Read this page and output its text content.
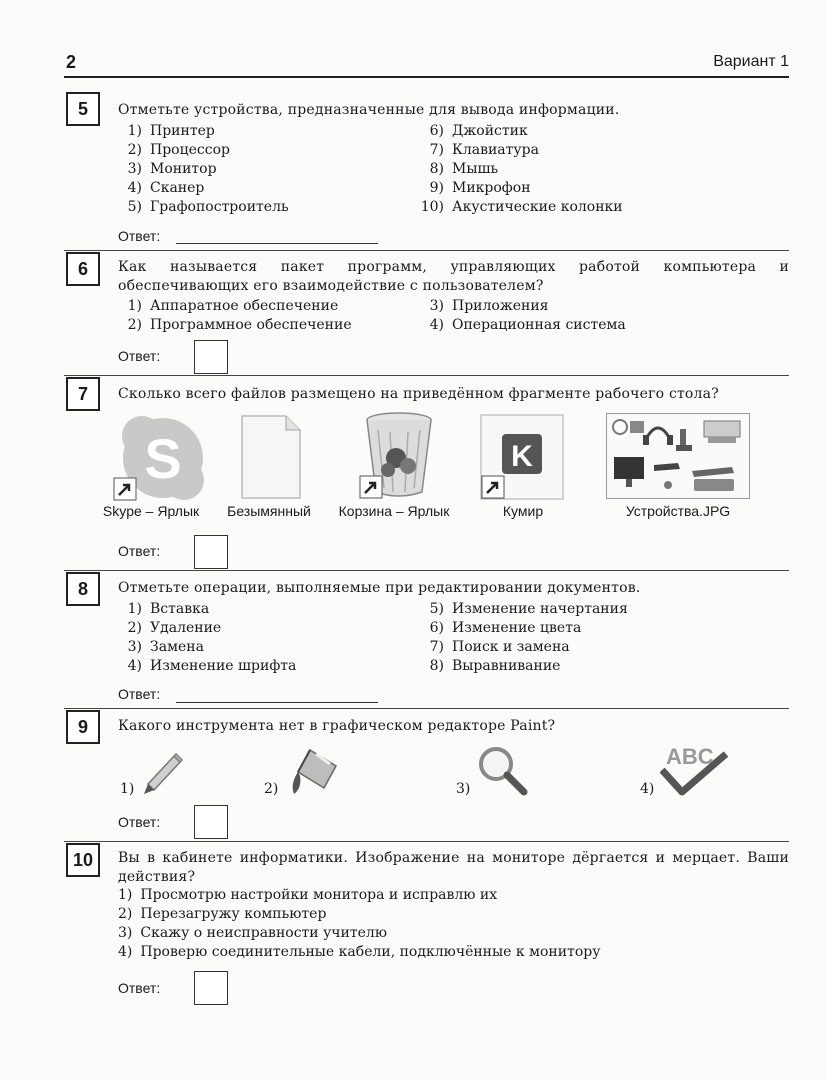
2	Вариант 1
5	Отметьте устройства, предназначенные для вывода информации.
1) Принтер
2) Процессор
3) Монитор
4) Сканер
5) Графопостроитель
6) Джойстик
7) Клавиатура
8) Мышь
9) Микрофон
10) Акустические колонки
Ответ:
6	Как называется пакет программ, управляющих работой компьютера и обеспечивающих его взаимодействие с пользователем?
1) Аппаратное обеспечение
2) Программное обеспечение
3) Приложения
4) Операционная система
Ответ:
7	Сколько всего файлов размещено на приведённом фрагменте рабочего стола?
S
Skype – Ярлык	Безымянный	Корзина – Ярлык
K
Кумир	Устройства.JPG
Ответ:
8	Отметьте операции, выполняемые при редактировании документов.
1) Вставка
2) Удаление
3) Замена
4) Изменение шрифта
5) Изменение начертания
6) Изменение цвета
7) Поиск и замена
8) Выравнивание
Ответ:
9	Какого инструмента нет в графическом редакторе Paint?
1)	2)	3)	4)
ABC
Ответ:
10	Вы в кабинете информатики. Изображение на мониторе дёргается и мерцает. Ваши действия?
1) Просмотрю настройки монитора и исправлю их
2) Перезагружу компьютер
3) Скажу о неисправности учителю
4) Проверю соединительные кабели, подключённые к монитору
Ответ:
